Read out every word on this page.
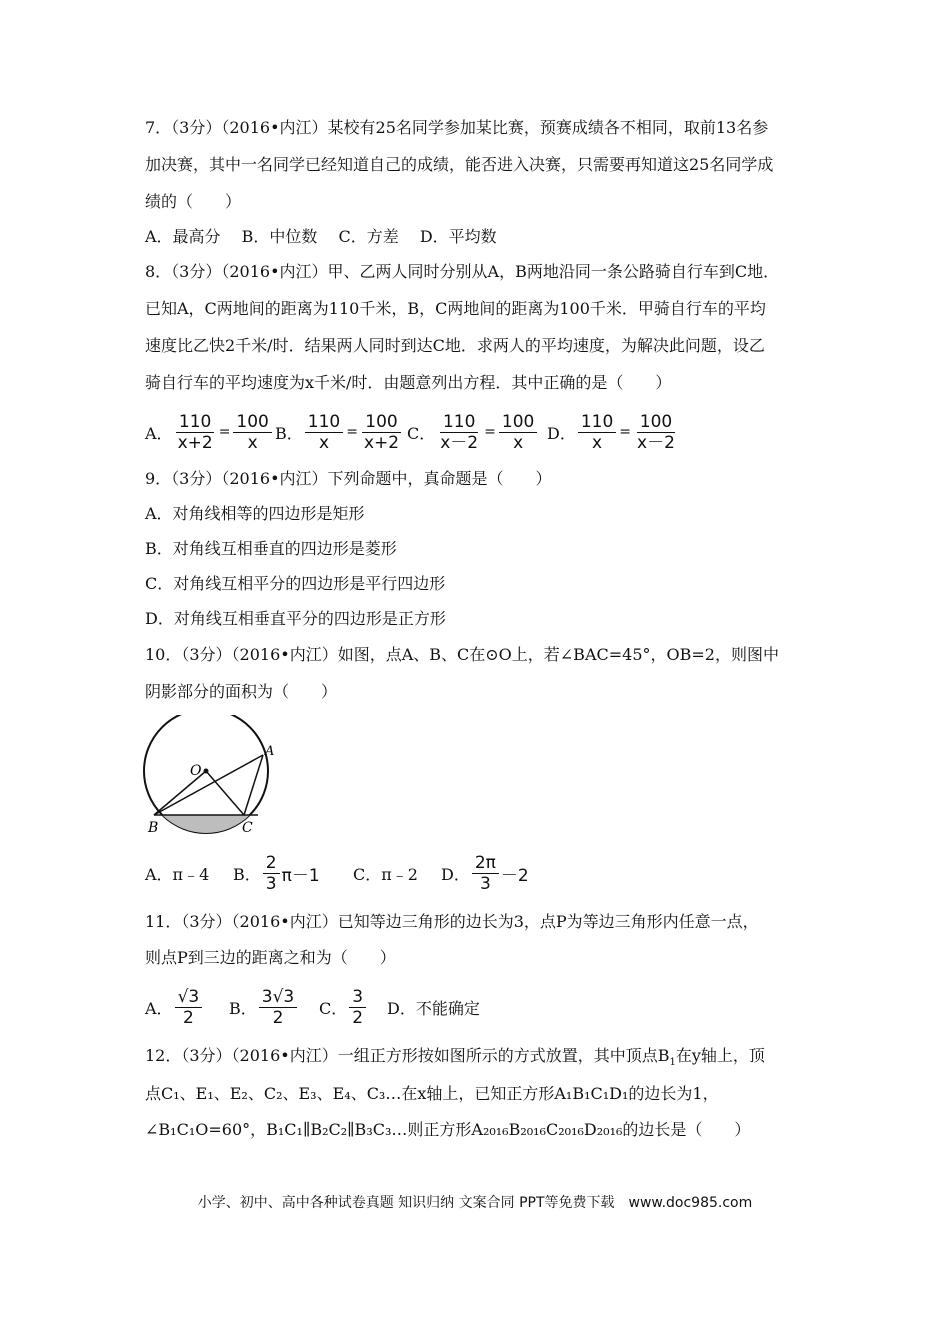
7．（3分）（2016•内江）某校有25名同学参加某比赛，预赛成绩各不相同，取前13名参
加决赛，其中一名同学已经知道自己的成绩，能否进入决赛，只需要再知道这25名同学成
绩的（　　）
A．最高分　 B．中位数　 C．方差　 D．平均数
8．（3分）（2016•内江）甲、乙两人同时分别从A，B两地沿同一条公路骑自行车到C地．
已知A，C两地间的距离为110千米，B，C两地间的距离为100千米．甲骑自行车的平均
速度比乙快2千米/时．结果两人同时到达C地．求两人的平均速度，为解决此问题，设乙
骑自行车的平均速度为x千米/时．由题意列出方程．其中正确的是（　　）
A． $\frac{110}{x+2} = \frac{100}{x}$ B． $\frac{110}{x} = \frac{100}{x+2}$ C． $\frac{110}{x-2} = \frac{100}{x}$ D． $\frac{110}{x} = \frac{100}{x-2}$
9．（3分）（2016•内江）下列命题中，真命题是（　　）
A．对角线相等的四边形是矩形
B．对角线互相垂直的四边形是菱形
C．对角线互相平分的四边形是平行四边形
D．对角线互相垂直平分的四边形是正方形
10．（3分）（2016•内江）如图，点A、B、C在⊙O上，若∠BAC=45°，OB=2，则图中
阴影部分的面积为（　　）
O
A
B	C
A．π﹣4	B． $\frac{2}{3} \pi-1$ C．π﹣2	D． $\frac{2\pi}{3} -2$
11．（3分）（2016•内江）已知等边三角形的边长为3，点P为等边三角形内任意一点，
则点P到三边的距离之和为（　　）
A． $\frac{√3}{2}$ B． $\frac{3√3}{2}$ C． $\frac{3}{2}$ D．不能确定
12．（3分）（2016•内江）一组正方形按如图所示的方式放置，其中顶点$B_1$在y轴上，顶
点C₁、E₁、E₂、C₂、E₃、E₄、C₃…在x轴上，已知正方形A₁B₁C₁D₁的边长为1，
∠B₁C₁O=60°，B₁C₁∥B₂C₂∥B₃C₃…则正方形A₂₀₁₆B₂₀₁₆C₂₀₁₆D₂₀₁₆的边长是（　　）
小学、初中、高中各种试卷真题 知识归纳 文案合同 PPT等免费下载　www.doc985.com
